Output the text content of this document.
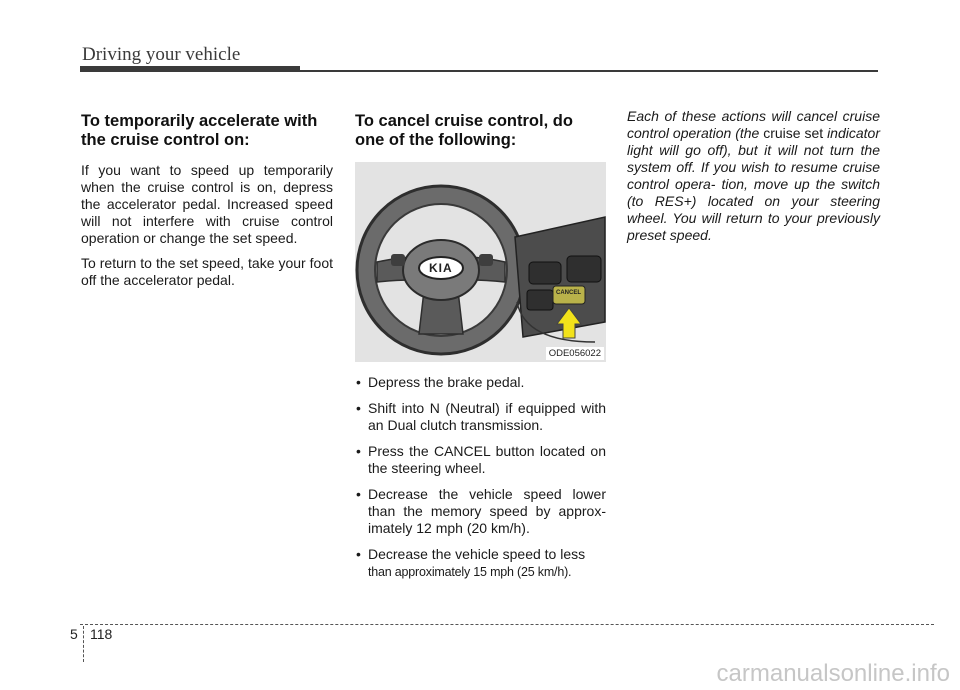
Driving your vehicle
To temporarily accelerate with the cruise control on:

If you want to speed up temporarily when the cruise control is on, depress the accelerator pedal. Increased speed will not interfere with cruise control operation or change the set speed.

To return to the set speed, take your foot off the accelerator pedal.

To cancel cruise control, do one of the following:
KIA
CANCEL
ODE056022
• Depress the brake pedal.
• Shift into N (Neutral) if equipped with an Dual clutch transmission.
• Press the CANCEL button located on the steering wheel.
• Decrease the vehicle speed lower than the memory speed by approx- imately 12 mph (20 km/h).
• Decrease the vehicle speed to less
than approximately 15 mph (25 km/h).

Each of these actions will cancel cruise control operation (the cruise set indicator light will go off), but it will not turn the system off. If you wish to resume cruise control opera- tion, move up the switch (to RES+) located on your steering wheel. You will return to your previously preset speed.

5 118
carmanualsonline.info
